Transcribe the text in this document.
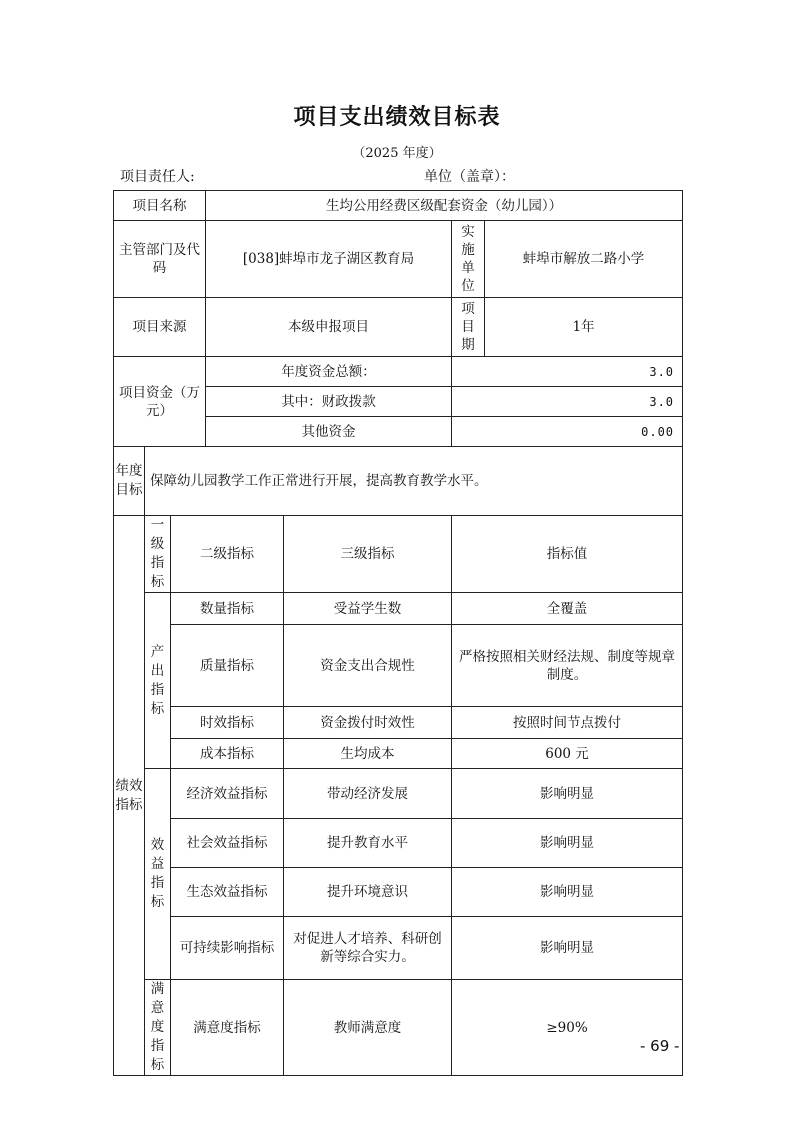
项目支出绩效目标表
（2025 年度）
项目责任人:	单位（盖章）：
项目名称			生均公用经费区级配套资金（幼儿园））			
主管部门及代码			[038]蚌埠市龙子湖区教育局		实施单位	蚌埠市解放二路小学
项目来源			本级申报项目		项目期	1年
项目资金（万元）			年度资金总额：		3.0	
			其中：财政拨款		3.0	
			其他资金		0.00	
年度目标	保障幼儿园教学工作正常进行开展，提高教育教学水平。					
绩效指标	一级指标	二级指标		三级指标	指标值	
	产出指标	数量指标		受益学生数	全覆盖	
		质量指标		资金支出合规性	严格按照相关财经法规、制度等规章制度。	
		时效指标		资金拨付时效性	按照时间节点拨付	
		成本指标		生均成本	600 元	
	效益指标	经济效益指标		带动经济发展	影响明显	
		社会效益指标		提升教育水平	影响明显	
		生态效益指标		提升环境意识	影响明显	
		可持续影响指标		对促进人才培养、科研创新等综合实力。	影响明显	
	满意度指标	满意度指标		教师满意度	≥90%	
- 69 -
